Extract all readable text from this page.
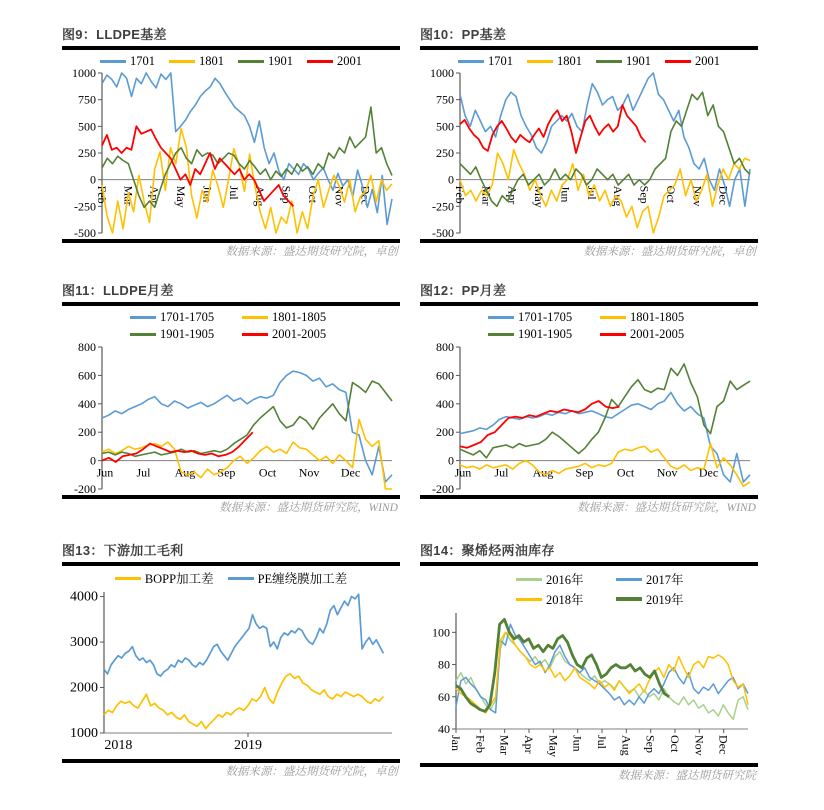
图9：LLDPE基差
1701	1801	1901	2001
1000
750
500
250
0
-250
-500
Feb Mar Apr May Jun Jul Aug Sep Oct Nov Dec
数据来源：盛达期货研究院，卓创
图10：PP基差
1701	1801	1901	2001
1000
750
500
250
0
-250
-500
Feb Mar Apr May Jun Jul Aug Sep Oct Nov Dec
数据来源：盛达期货研究院，卓创
图11：LLDPE月差
1701-1705	1801-1805
1901-1905	2001-2005
800
600
400
200
0
-200
Jun Jul Aug Sep Oct Nov Dec
数据来源：盛达期货研究院，WIND
图12：PP月差
1701-1705	1801-1805
1901-1905	2001-2005
800
600
400
200
0
-200
Jun Jul Aug Sep Oct Nov Dec
数据来源：盛达期货研究院，WIND
图13：下游加工毛利
BOPP加工差	PE缠绕膜加工差
4000
3000
2000
1000
2018	2019
数据来源：盛达期货研究院，卓创
图14：聚烯烃两油库存
2016年	2017年
2018年	2019年
100
80
60
40
Jan Feb Mar Apr May Jun Jul Aug Sep Oct Nov Dec
数据来源：盛达期货研究院
